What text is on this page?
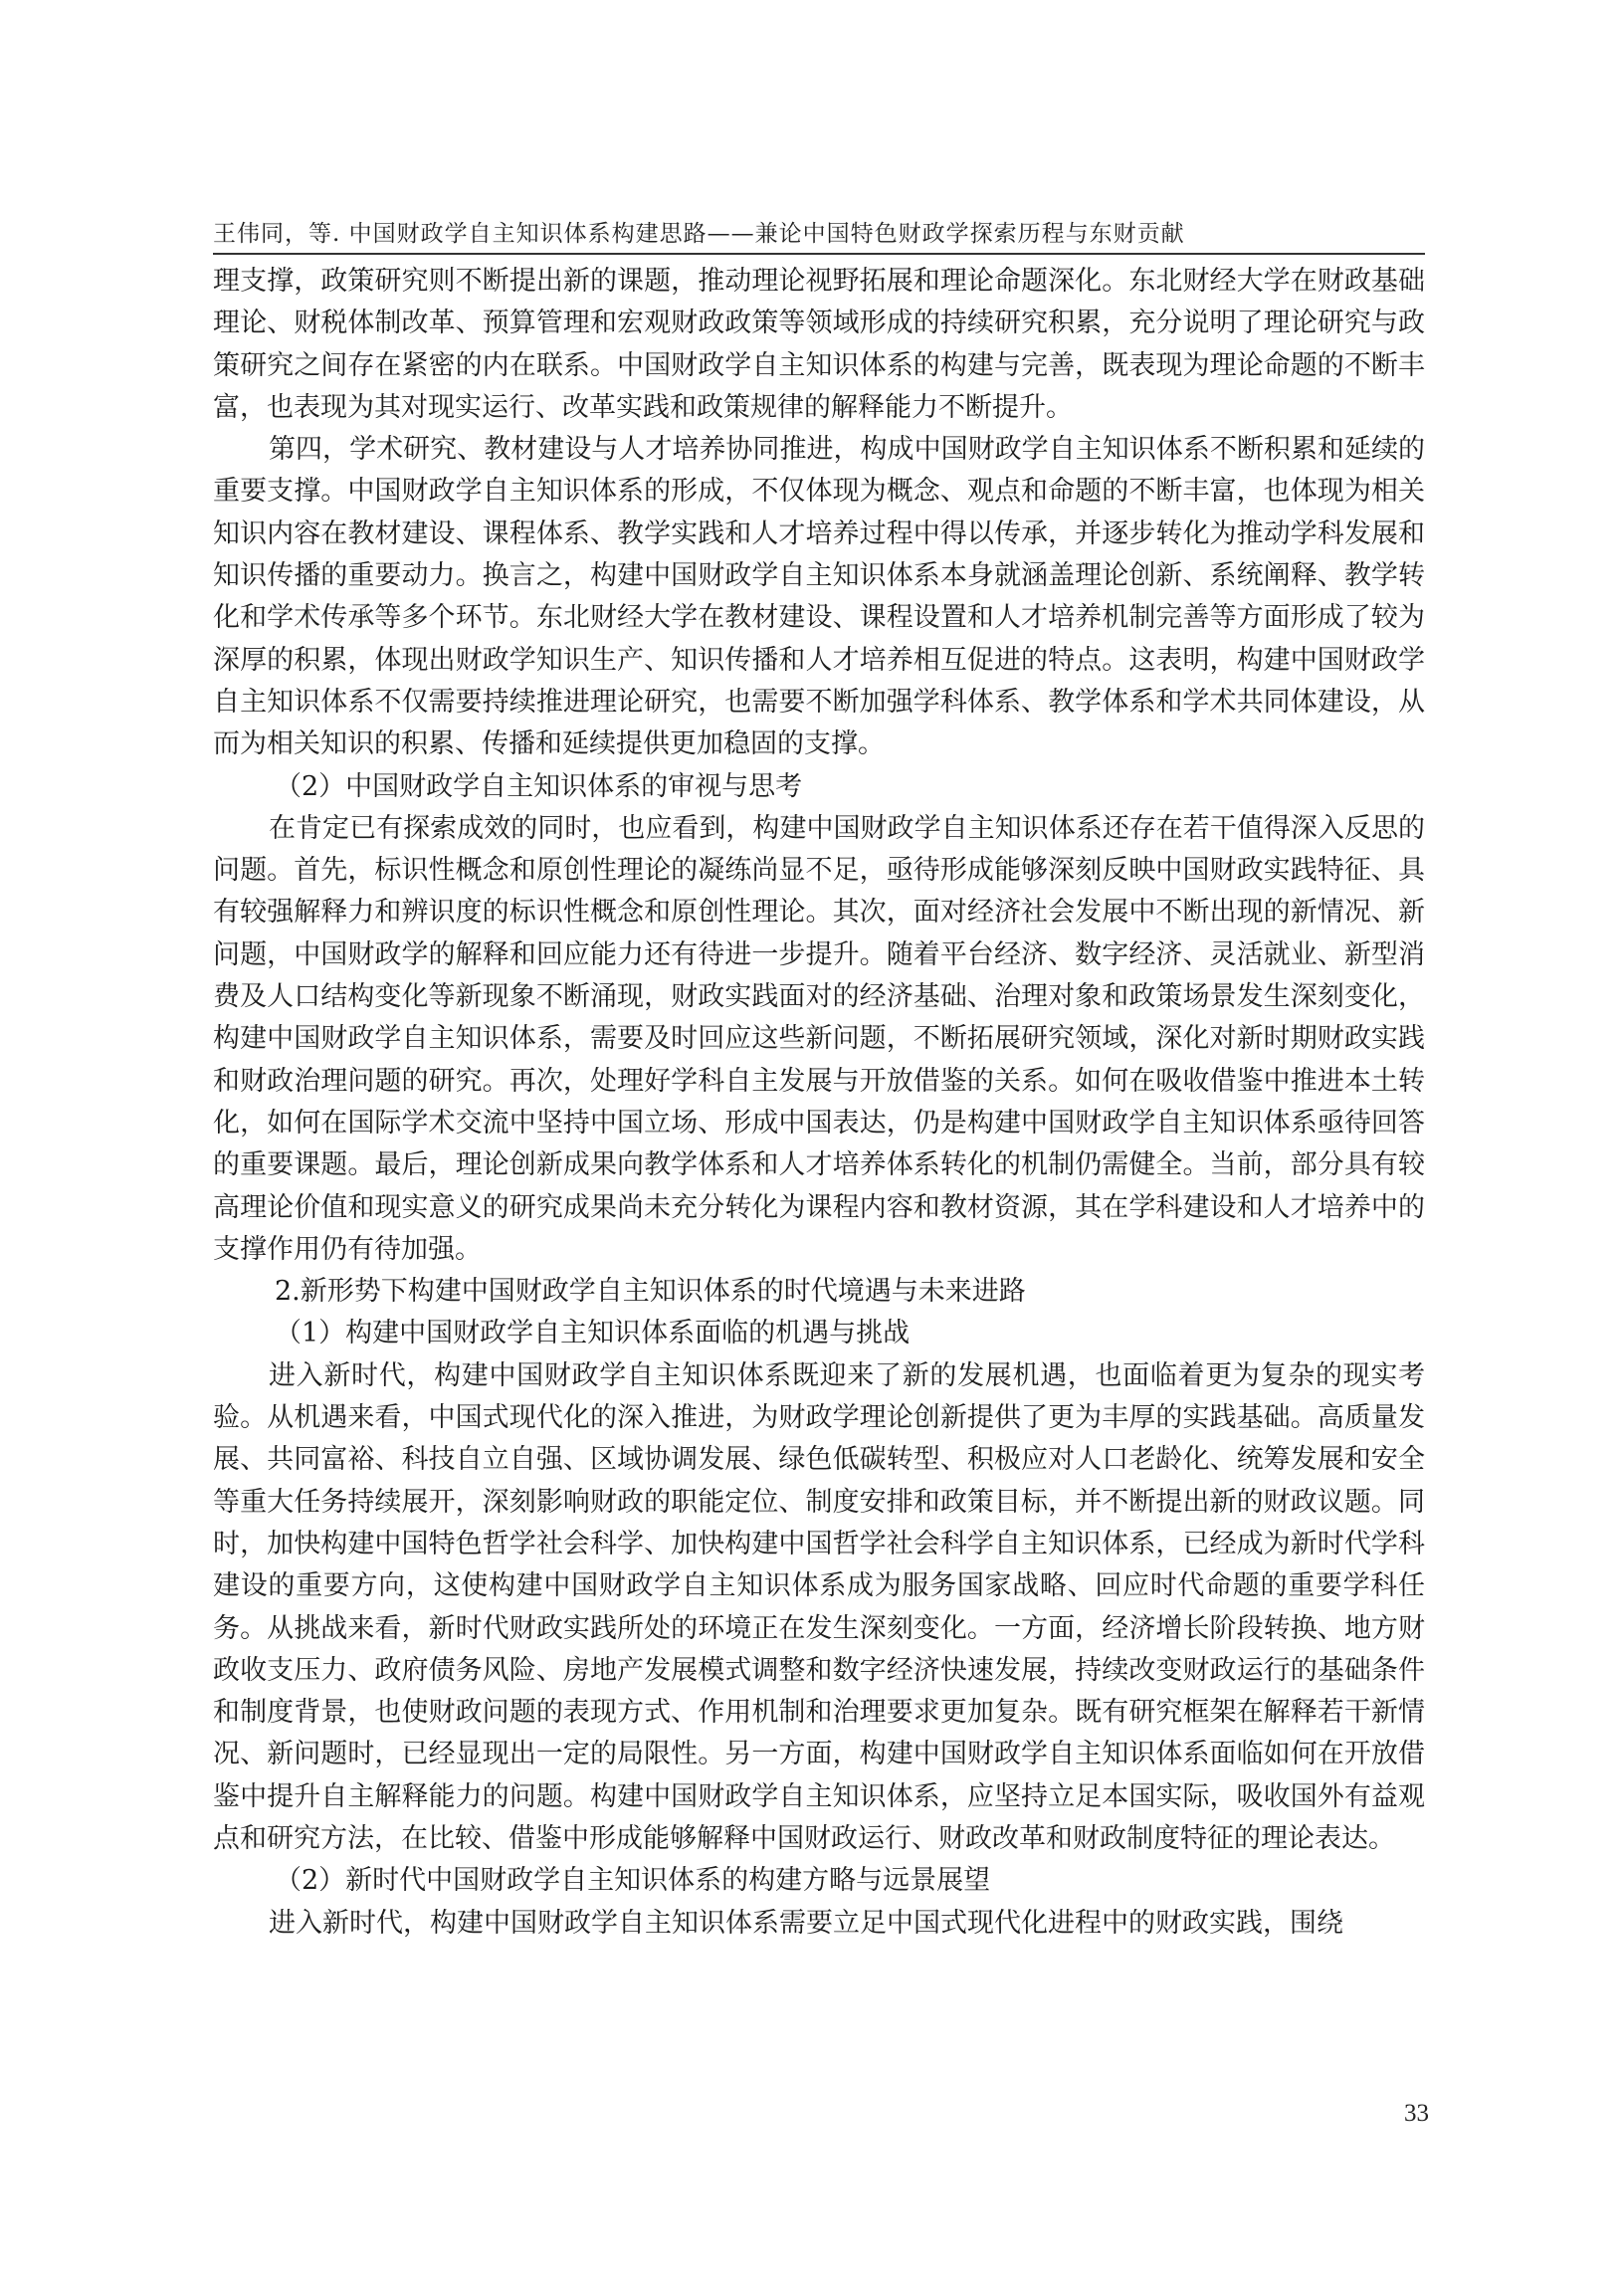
王伟同，等. 中国财政学自主知识体系构建思路——兼论中国特色财政学探索历程与东财贡献

理支撑，政策研究则不断提出新的课题，推动理论视野拓展和理论命题深化。东北财经大学在财政基础理论、财税体制改革、预算管理和宏观财政政策等领域形成的持续研究积累，充分说明了理论研究与政策研究之间存在紧密的内在联系。中国财政学自主知识体系的构建与完善，既表现为理论命题的不断丰富，也表现为其对现实运行、改革实践和政策规律的解释能力不断提升。

第四，学术研究、教材建设与人才培养协同推进，构成中国财政学自主知识体系不断积累和延续的重要支撑。中国财政学自主知识体系的形成，不仅体现为概念、观点和命题的不断丰富，也体现为相关知识内容在教材建设、课程体系、教学实践和人才培养过程中得以传承，并逐步转化为推动学科发展和知识传播的重要动力。换言之，构建中国财政学自主知识体系本身就涵盖理论创新、系统阐释、教学转化和学术传承等多个环节。东北财经大学在教材建设、课程设置和人才培养机制完善等方面形成了较为深厚的积累，体现出财政学知识生产、知识传播和人才培养相互促进的特点。这表明，构建中国财政学自主知识体系不仅需要持续推进理论研究，也需要不断加强学科体系、教学体系和学术共同体建设，从而为相关知识的积累、传播和延续提供更加稳固的支撑。

（2）中国财政学自主知识体系的审视与思考

在肯定已有探索成效的同时，也应看到，构建中国财政学自主知识体系还存在若干值得深入反思的问题。首先，标识性概念和原创性理论的凝练尚显不足，亟待形成能够深刻反映中国财政实践特征、具有较强解释力和辨识度的标识性概念和原创性理论。其次，面对经济社会发展中不断出现的新情况、新问题，中国财政学的解释和回应能力还有待进一步提升。随着平台经济、数字经济、灵活就业、新型消费及人口结构变化等新现象不断涌现，财政实践面对的经济基础、治理对象和政策场景发生深刻变化，构建中国财政学自主知识体系，需要及时回应这些新问题，不断拓展研究领域，深化对新时期财政实践和财政治理问题的研究。再次，处理好学科自主发展与开放借鉴的关系。如何在吸收借鉴中推进本土转化，如何在国际学术交流中坚持中国立场、形成中国表达，仍是构建中国财政学自主知识体系亟待回答的重要课题。最后，理论创新成果向教学体系和人才培养体系转化的机制仍需健全。当前，部分具有较高理论价值和现实意义的研究成果尚未充分转化为课程内容和教材资源，其在学科建设和人才培养中的支撑作用仍有待加强。

2.新形势下构建中国财政学自主知识体系的时代境遇与未来进路

（1）构建中国财政学自主知识体系面临的机遇与挑战

进入新时代，构建中国财政学自主知识体系既迎来了新的发展机遇，也面临着更为复杂的现实考验。从机遇来看，中国式现代化的深入推进，为财政学理论创新提供了更为丰厚的实践基础。高质量发展、共同富裕、科技自立自强、区域协调发展、绿色低碳转型、积极应对人口老龄化、统筹发展和安全等重大任务持续展开，深刻影响财政的职能定位、制度安排和政策目标，并不断提出新的财政议题。同时，加快构建中国特色哲学社会科学、加快构建中国哲学社会科学自主知识体系，已经成为新时代学科建设的重要方向，这使构建中国财政学自主知识体系成为服务国家战略、回应时代命题的重要学科任务。从挑战来看，新时代财政实践所处的环境正在发生深刻变化。一方面，经济增长阶段转换、地方财政收支压力、政府债务风险、房地产发展模式调整和数字经济快速发展，持续改变财政运行的基础条件和制度背景，也使财政问题的表现方式、作用机制和治理要求更加复杂。既有研究框架在解释若干新情况、新问题时，已经显现出一定的局限性。另一方面，构建中国财政学自主知识体系面临如何在开放借鉴中提升自主解释能力的问题。构建中国财政学自主知识体系，应坚持立足本国实际，吸收国外有益观点和研究方法，在比较、借鉴中形成能够解释中国财政运行、财政改革和财政制度特征的理论表达。

（2）新时代中国财政学自主知识体系的构建方略与远景展望

进入新时代，构建中国财政学自主知识体系需要立足中国式现代化进程中的财政实践，围绕

33
